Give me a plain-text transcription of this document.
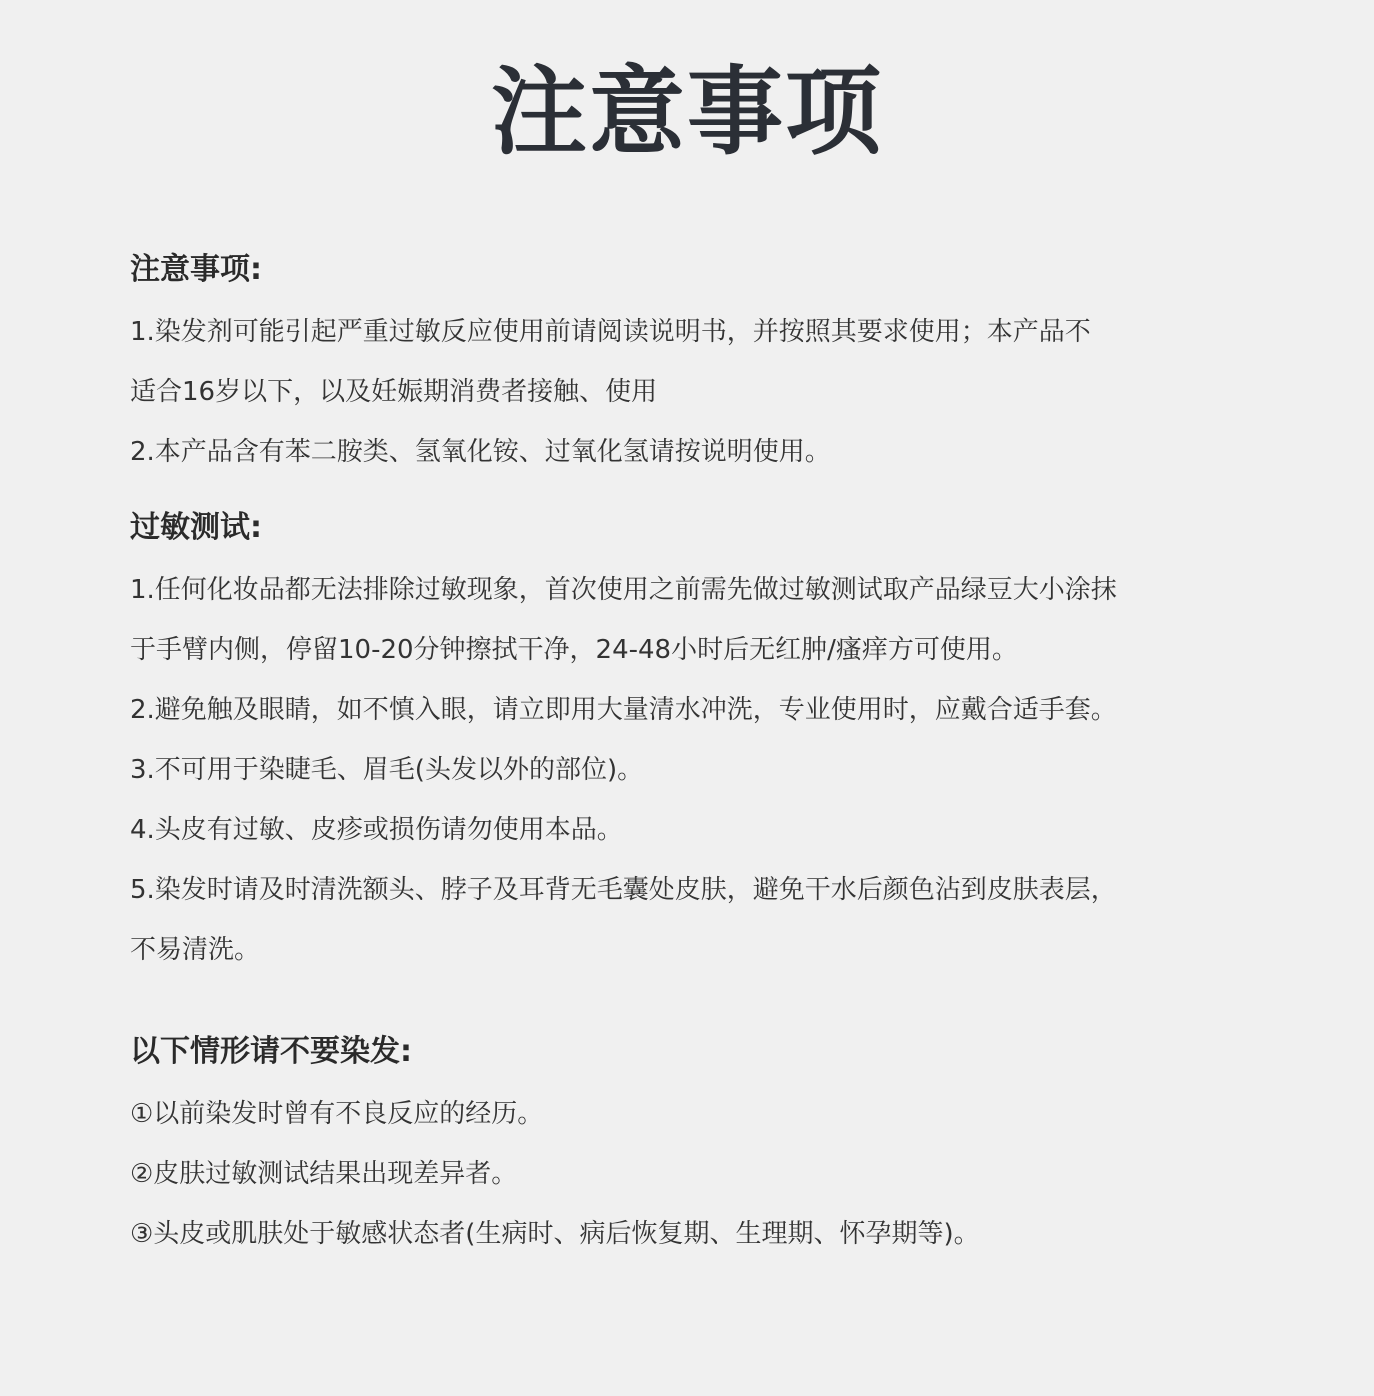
注意事项
注意事项:
1.染发剂可能引起严重过敏反应使用前请阅读说明书，并按照其要求使用；本产品不
适合16岁以下，以及妊娠期消费者接触、使用
2.本产品含有苯二胺类、氢氧化铵、过氧化氢请按说明使用。
过敏测试:
1.任何化妆品都无法排除过敏现象，首次使用之前需先做过敏测试取产品绿豆大小涂抹
于手臂内侧，停留10-20分钟擦拭干净，24-48小时后无红肿/瘙痒方可使用。
2.避免触及眼睛，如不慎入眼，请立即用大量清水冲洗，专业使用时，应戴合适手套。
3.不可用于染睫毛、眉毛(头发以外的部位)。
4.头皮有过敏、皮疹或损伤请勿使用本品。
5.染发时请及时清洗额头、脖子及耳背无毛囊处皮肤，避免干水后颜色沾到皮肤表层，
不易清洗。
以下情形请不要染发:
①以前染发时曾有不良反应的经历。
②皮肤过敏测试结果出现差异者。
③头皮或肌肤处于敏感状态者(生病时、病后恢复期、生理期、怀孕期等)。
